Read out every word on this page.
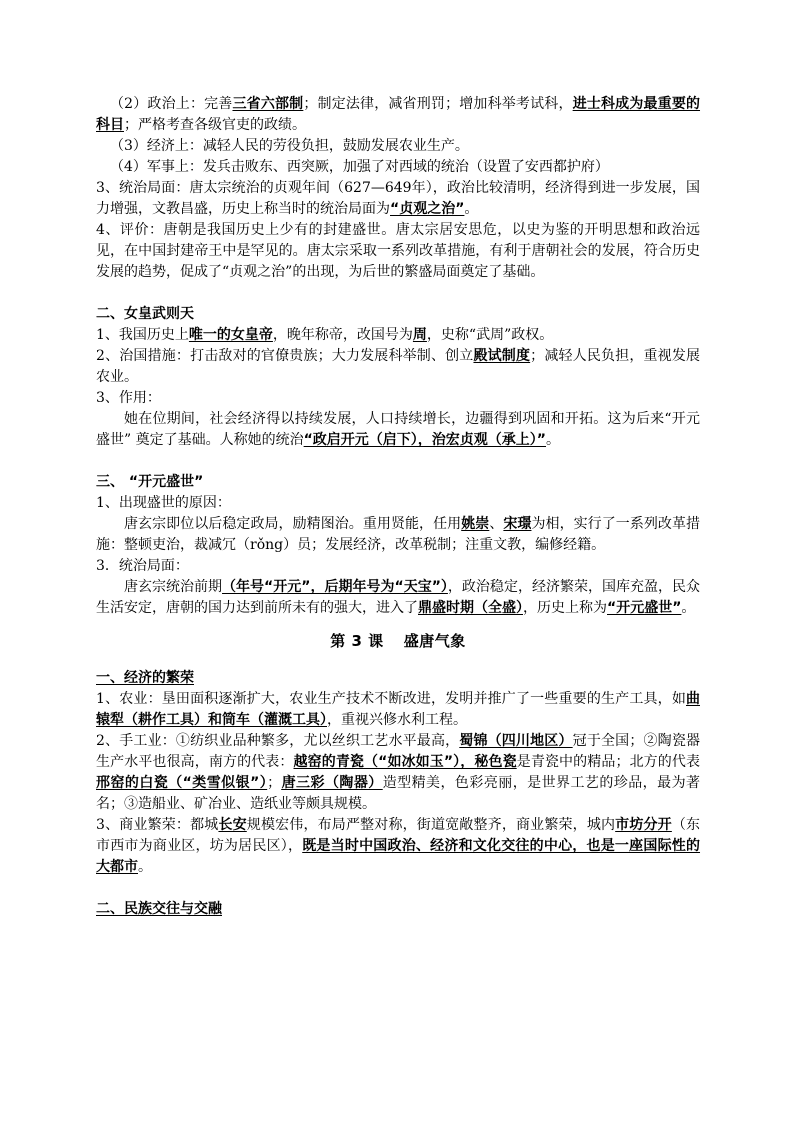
（2）政治上：完善三省六部制；制定法律，减省刑罚；增加科举考试科，进士科成为最重要的科目；严格考查各级官吏的政绩。

（3）经济上：减轻人民的劳役负担，鼓励发展农业生产。

（4）军事上：发兵击败东、西突厥，加强了对西域的统治（设置了安西都护府）

3、统治局面：唐太宗统治的贞观年间（627—649年），政治比较清明，经济得到进一步发展，国力增强，文教昌盛，历史上称当时的统治局面为“贞观之治”。

4、评价：唐朝是我国历史上少有的封建盛世。唐太宗居安思危，以史为鉴的开明思想和政治远见，在中国封建帝王中是罕见的。唐太宗采取一系列改革措施，有利于唐朝社会的发展，符合历史发展的趋势，促成了“贞观之治”的出现，为后世的繁盛局面奠定了基础。

二、女皇武则天

1、我国历史上唯一的女皇帝，晚年称帝，改国号为周，史称“武周”政权。

2、治国措施：打击敌对的官僚贵族；大力发展科举制、创立殿试制度；减轻人民负担，重视发展农业。

3、作用：

她在位期间，社会经济得以持续发展，人口持续增长，边疆得到巩固和开拓。这为后来“开元盛世” 奠定了基础。人称她的统治“政启开元（启下），治宏贞观（承上）”。

三、 “开元盛世”

1、出现盛世的原因：

唐玄宗即位以后稳定政局，励精图治。重用贤能，任用姚崇、宋璟为相，实行了一系列改革措施：整顿吏治，裁减冗（rǒng）员；发展经济，改革税制；注重文教，编修经籍。

3．统治局面：

唐玄宗统治前期（年号“开元”，后期年号为“天宝”），政治稳定，经济繁荣，国库充盈，民众生活安定，唐朝的国力达到前所未有的强大，进入了鼎盛时期（全盛），历史上称为“开元盛世”。

第 3 课 盛唐气象

一、经济的繁荣

1、农业：垦田面积逐渐扩大，农业生产技术不断改进，发明并推广了一些重要的生产工具，如曲辕犁（耕作工具）和筒车（灌溉工具），重视兴修水利工程。

2、手工业：①纺织业品种繁多，尤以丝织工艺水平最高，蜀锦（四川地区）冠于全国；②陶瓷器生产水平也很高，南方的代表：越窑的青瓷（“如冰如玉”），秘色瓷是青瓷中的精品；北方的代表邢窑的白瓷（“类雪似银”）；唐三彩（陶器）造型精美，色彩亮丽，是世界工艺的珍品，最为著名；③造船业、矿冶业、造纸业等颇具规模。

3、商业繁荣：都城长安规模宏伟，布局严整对称，街道宽敞整齐，商业繁荣，城内市坊分开（东市西市为商业区，坊为居民区），既是当时中国政治、经济和文化交往的中心，也是一座国际性的大都市。

二、民族交往与交融
